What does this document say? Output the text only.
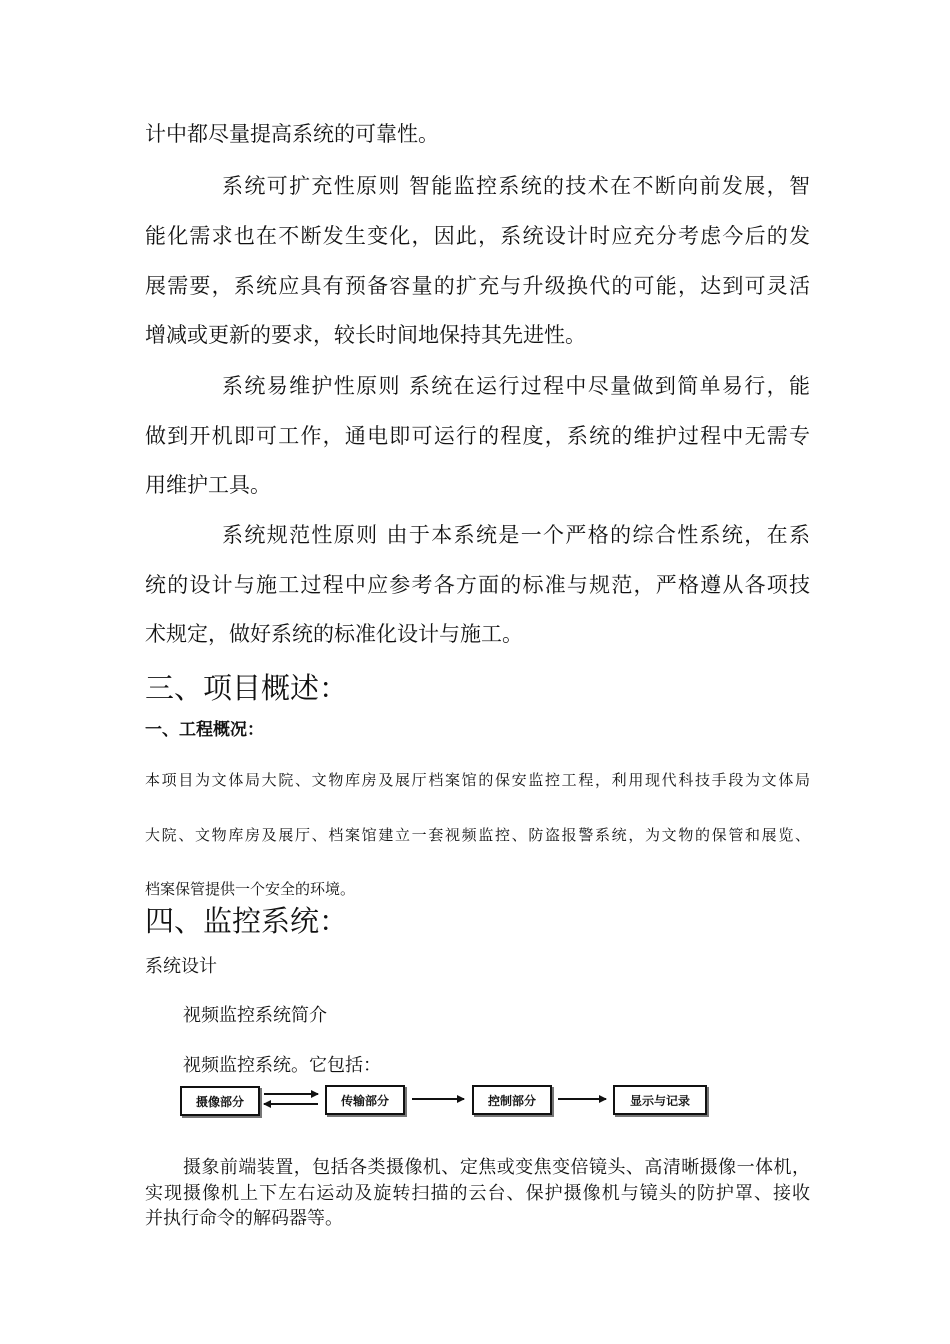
计中都尽量提高系统的可靠性。
系统可扩充性原则 智能监控系统的技术在不断向前发展，智
能化需求也在不断发生变化，因此，系统设计时应充分考虑今后的发
展需要，系统应具有预备容量的扩充与升级换代的可能，达到可灵活
增减或更新的要求，较长时间地保持其先进性。
系统易维护性原则 系统在运行过程中尽量做到简单易行，能
做到开机即可工作，通电即可运行的程度，系统的维护过程中无需专
用维护工具。
系统规范性原则 由于本系统是一个严格的综合性系统，在系
统的设计与施工过程中应参考各方面的标准与规范，严格遵从各项技
术规定，做好系统的标准化设计与施工。
三、项目概述：
一、工程概况：
本项目为文体局大院、文物库房及展厅档案馆的保安监控工程，利用现代科技手段为文体局
大院、文物库房及展厅、档案馆建立一套视频监控、防盗报警系统，为文物的保管和展览、
档案保管提供一个安全的环境。
四、监控系统：
系统设计
视频监控系统简介
视频监控系统。它包括：
摄像部分	传输部分	控制部分	显示与记录
摄象前端装置，包括各类摄像机、定焦或变焦变倍镜头、高清晰摄像一体机，
实现摄像机上下左右运动及旋转扫描的云台、保护摄像机与镜头的防护罩、接收
并执行命令的解码器等。
